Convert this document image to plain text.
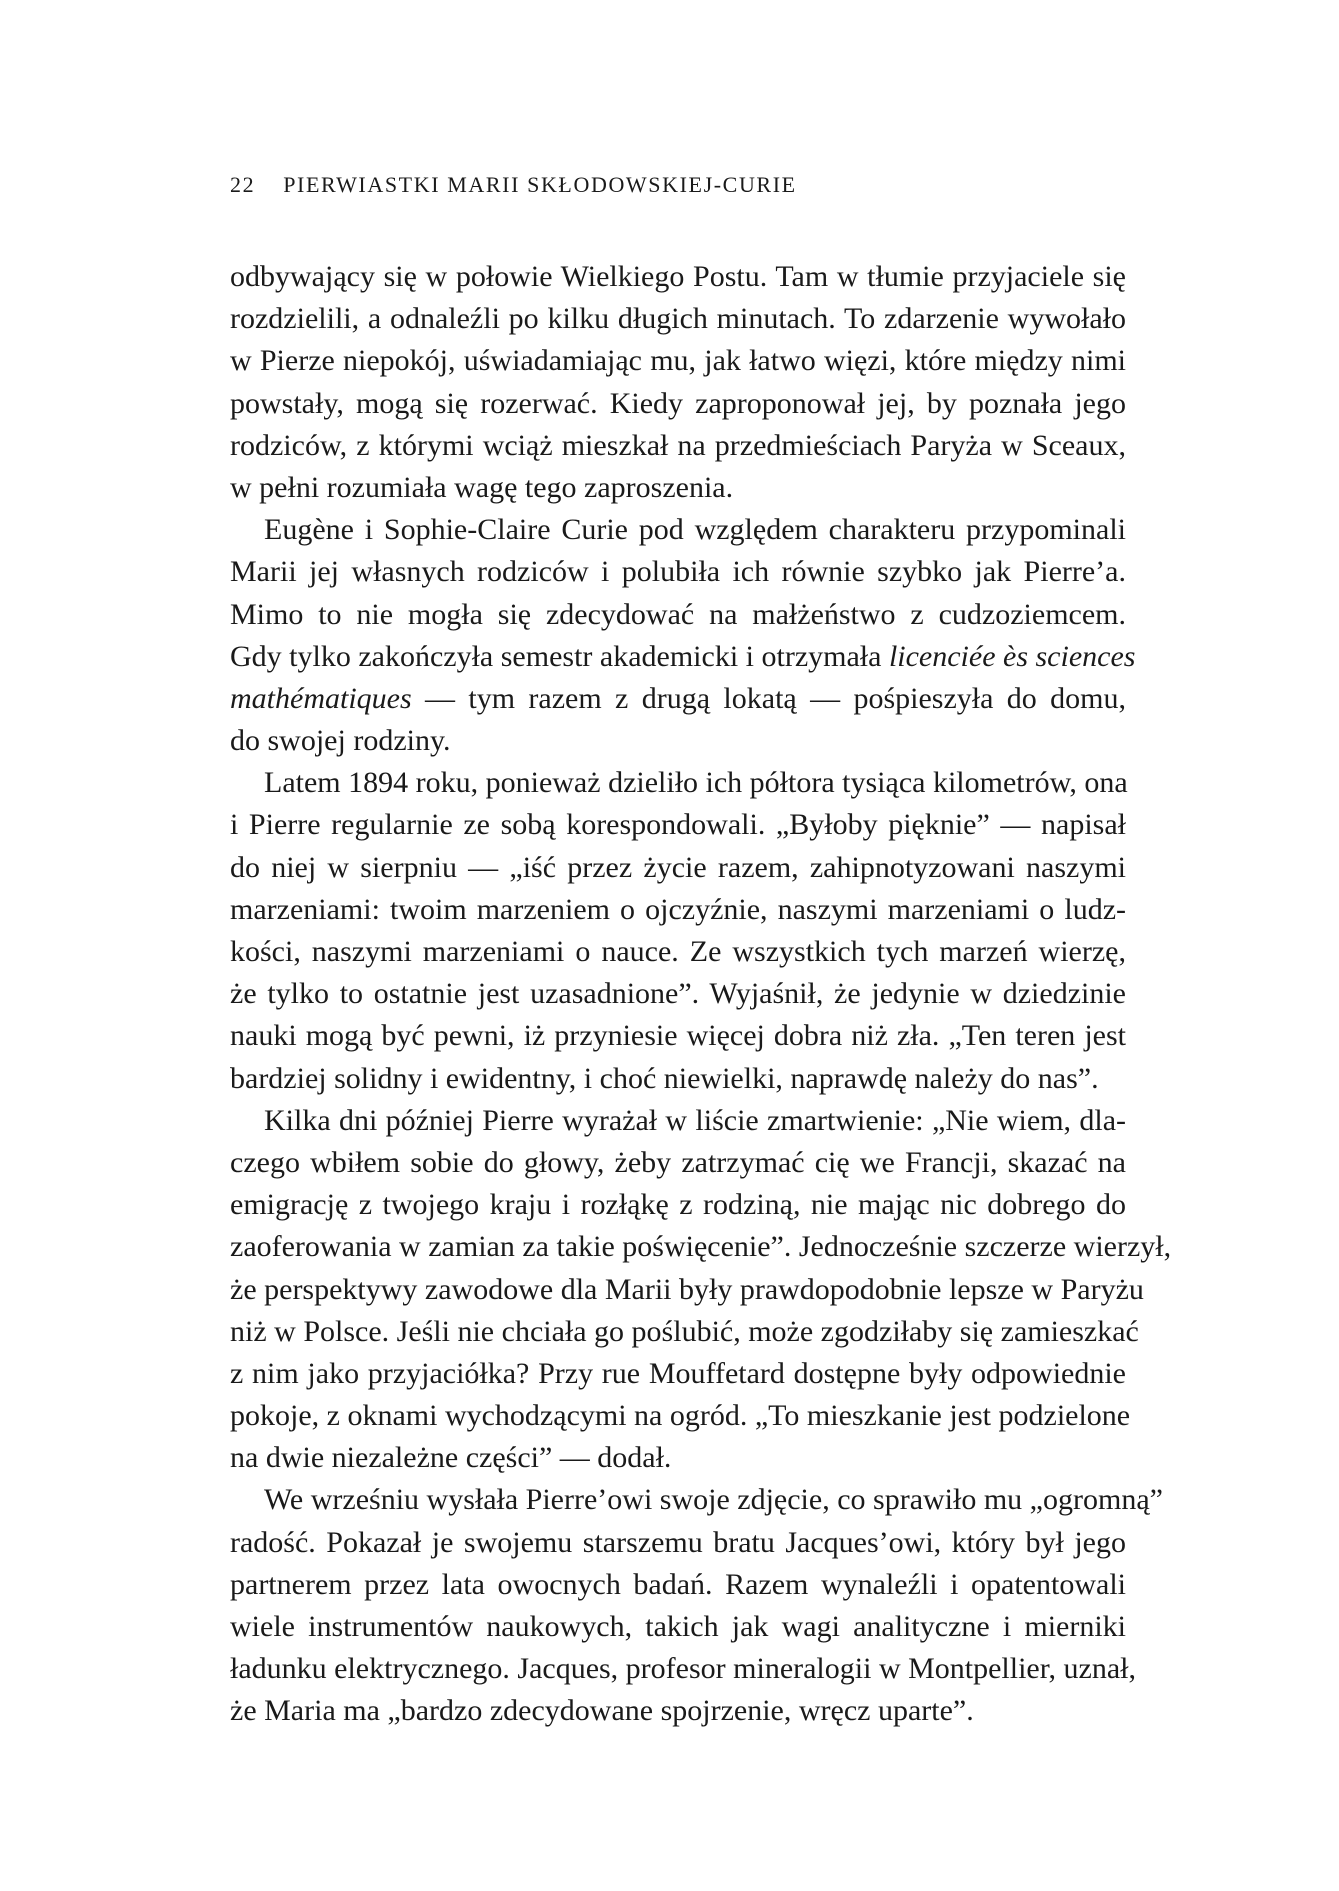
22 PIERWIASTKI MARII SKŁODOWSKIEJ-CURIE
odbywający się w połowie Wielkiego Postu. Tam w tłumie przyjaciele się
rozdzielili, a odnaleźli po kilku długich minutach. To zdarzenie wywołało
w Pierze niepokój, uświadamiając mu, jak łatwo więzi, które między nimi
powstały, mogą się rozerwać. Kiedy zaproponował jej, by poznała jego
rodziców, z którymi wciąż mieszkał na przedmieściach Paryża w Sceaux,
w pełni rozumiała wagę tego zaproszenia.
Eugène i Sophie-Claire Curie pod względem charakteru przypominali
Marii jej własnych rodziców i polubiła ich równie szybko jak Pierre’a.
Mimo to nie mogła się zdecydować na małżeństwo z cudzoziemcem.
Gdy tylko zakończyła semestr akademicki i otrzymała licenciée ès sciences
mathématiques — tym razem z drugą lokatą — pośpieszyła do domu,
do swojej rodziny.
Latem 1894 roku, ponieważ dzieliło ich półtora tysiąca kilometrów, ona
i Pierre regularnie ze sobą korespondowali. „Byłoby pięknie” — napisał
do niej w sierpniu — „iść przez życie razem, zahipnotyzowani naszymi
marzeniami: twoim marzeniem o ojczyźnie, naszymi marzeniami o ludz-
kości, naszymi marzeniami o nauce. Ze wszystkich tych marzeń wierzę,
że tylko to ostatnie jest uzasadnione”. Wyjaśnił, że jedynie w dziedzinie
nauki mogą być pewni, iż przyniesie więcej dobra niż zła. „Ten teren jest
bardziej solidny i ewidentny, i choć niewielki, naprawdę należy do nas”.
Kilka dni później Pierre wyrażał w liście zmartwienie: „Nie wiem, dla-
czego wbiłem sobie do głowy, żeby zatrzymać cię we Francji, skazać na
emigrację z twojego kraju i rozłąkę z rodziną, nie mając nic dobrego do
zaoferowania w zamian za takie poświęcenie”. Jednocześnie szczerze wierzył,
że perspektywy zawodowe dla Marii były prawdopodobnie lepsze w Paryżu
niż w Polsce. Jeśli nie chciała go poślubić, może zgodziłaby się zamieszkać
z nim jako przyjaciółka? Przy rue Mouffetard dostępne były odpowiednie
pokoje, z oknami wychodzącymi na ogród. „To mieszkanie jest podzielone
na dwie niezależne części” — dodał.
We wrześniu wysłała Pierre’owi swoje zdjęcie, co sprawiło mu „ogromną”
radość. Pokazał je swojemu starszemu bratu Jacques’owi, który był jego
partnerem przez lata owocnych badań. Razem wynaleźli i opatentowali
wiele instrumentów naukowych, takich jak wagi analityczne i mierniki
ładunku elektrycznego. Jacques, profesor mineralogii w Montpellier, uznał,
że Maria ma „bardzo zdecydowane spojrzenie, wręcz uparte”.
